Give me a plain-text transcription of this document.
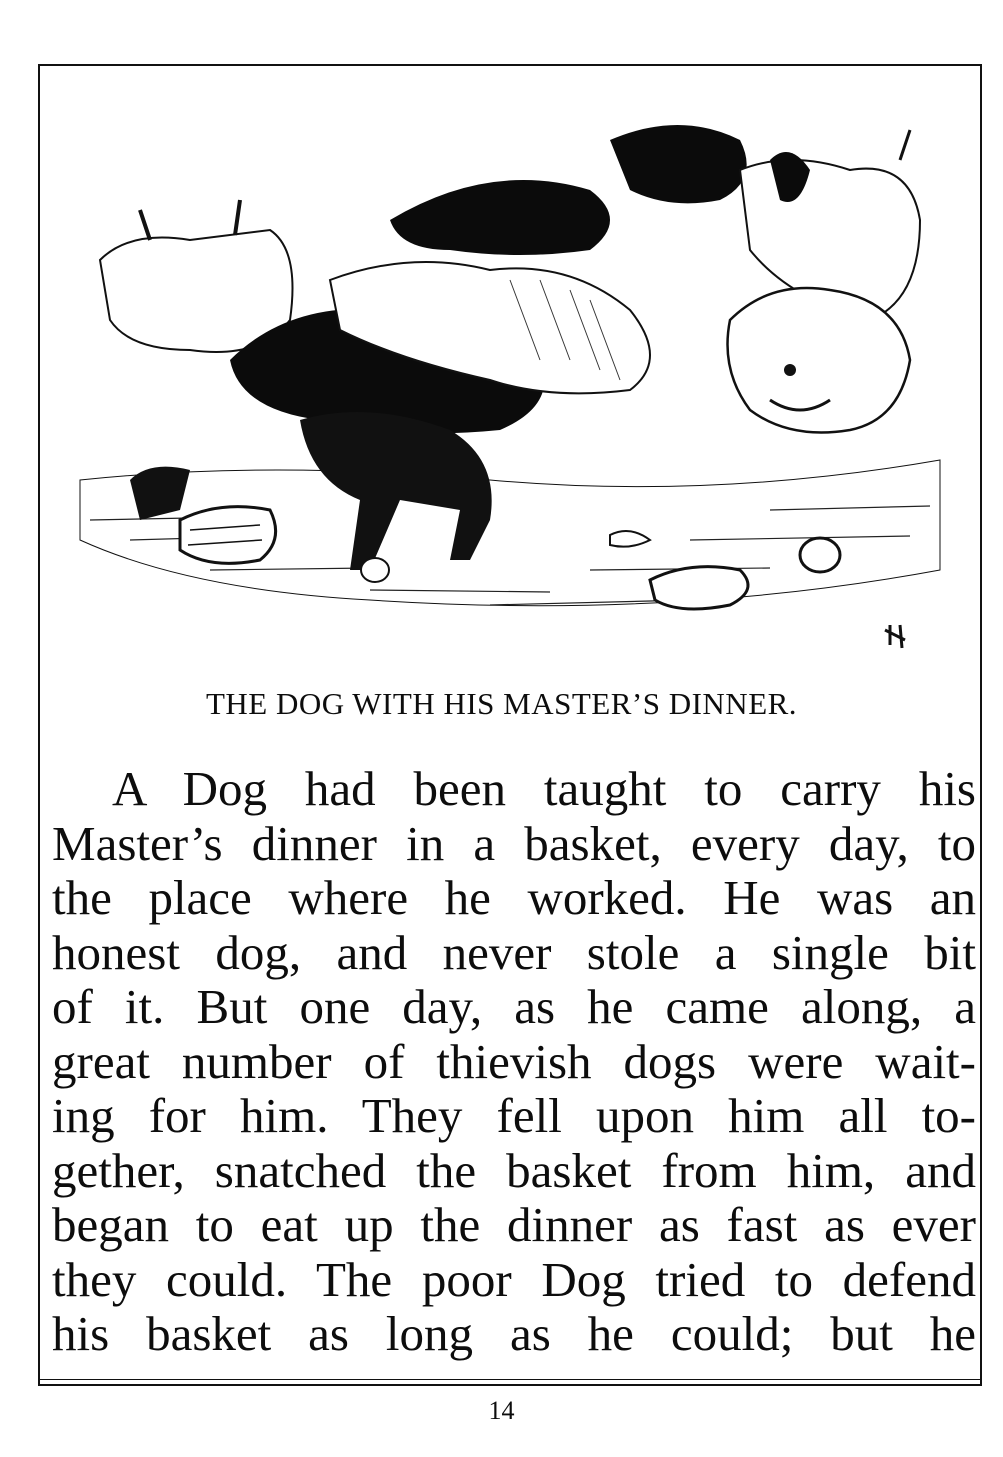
THE DOG WITH HIS MASTER’S DINNER.
A Dog had been taught to carry his
Master’s dinner in a basket, every day, to
the place where he worked. He was an
honest dog, and never stole a single bit
of it. But one day, as he came along, a
great number of thievish dogs were wait-
ing for him. They fell upon him all to-
gether, snatched the basket from him, and
began to eat up the dinner as fast as ever
they could. The poor Dog tried to defend
his basket as long as he could; but he
14
